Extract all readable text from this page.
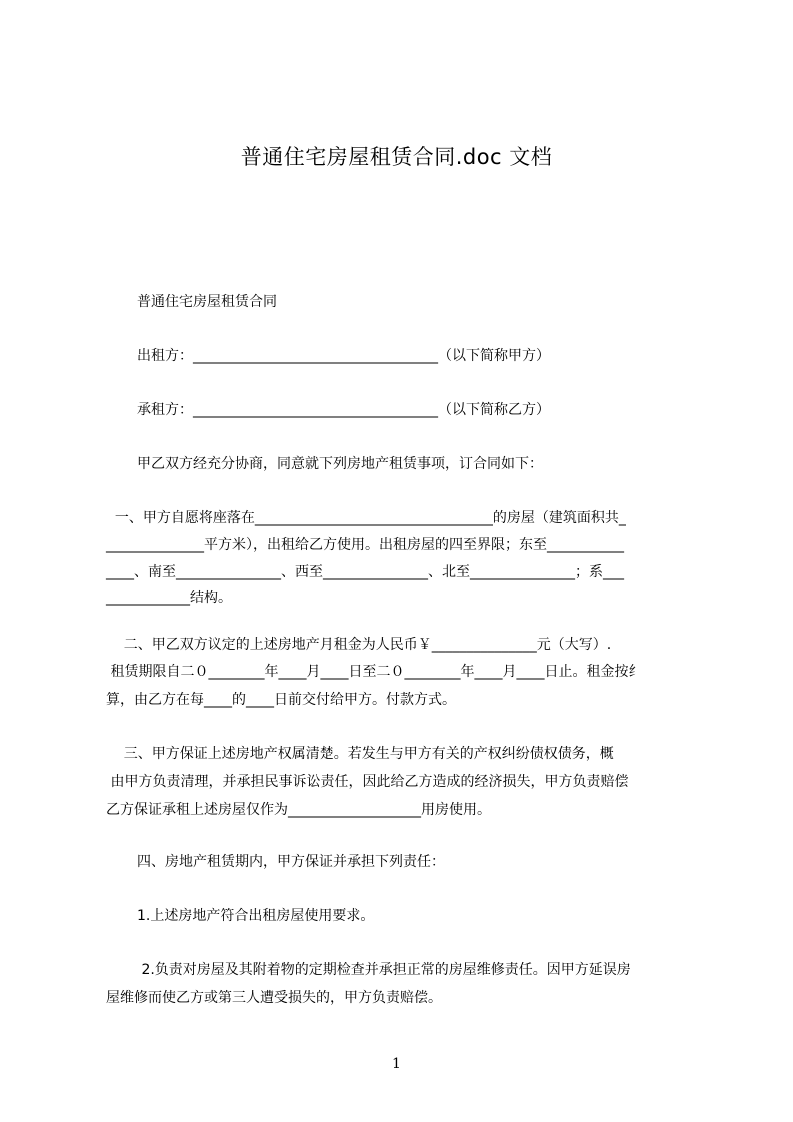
普通住宅房屋租赁合同.doc 文档
普通住宅房屋租赁合同
出租方：___________________________________（以下简称甲方）
承租方：___________________________________（以下简称乙方）
甲乙双方经充分协商，同意就下列房地产租赁事项，订合同如下：
一、甲方自愿将座落在__________________________________的房屋（建筑面积共_
______________平方米），出租给乙方使用。出租房屋的四至界限；东至___________
____、南至_______________、西至_______________、北至_______________；系___
____________结构。
二、甲乙双方议定的上述房地产月租金为人民币￥_______________元（大写）.
租赁期限自二０________年____月____日至二０________年____月____日止。租金按纟
算，由乙方在每____的____日前交付给甲方。付款方式。
三、甲方保证上述房地产权属清楚。若发生与甲方有关的产权纠纷债权债务，概
由甲方负责清理，并承担民事诉讼责任，因此给乙方造成的经济损失，甲方负责赔偿
乙方保证承租上述房屋仅作为___________________用房使用。
四、房地产租赁期内，甲方保证并承担下列责任：
1.上述房地产符合出租房屋使用要求。
2.负责对房屋及其附着物的定期检查并承担正常的房屋维修责任。因甲方延误房
屋维修而使乙方或第三人遭受损失的，甲方负责赔偿。
1
